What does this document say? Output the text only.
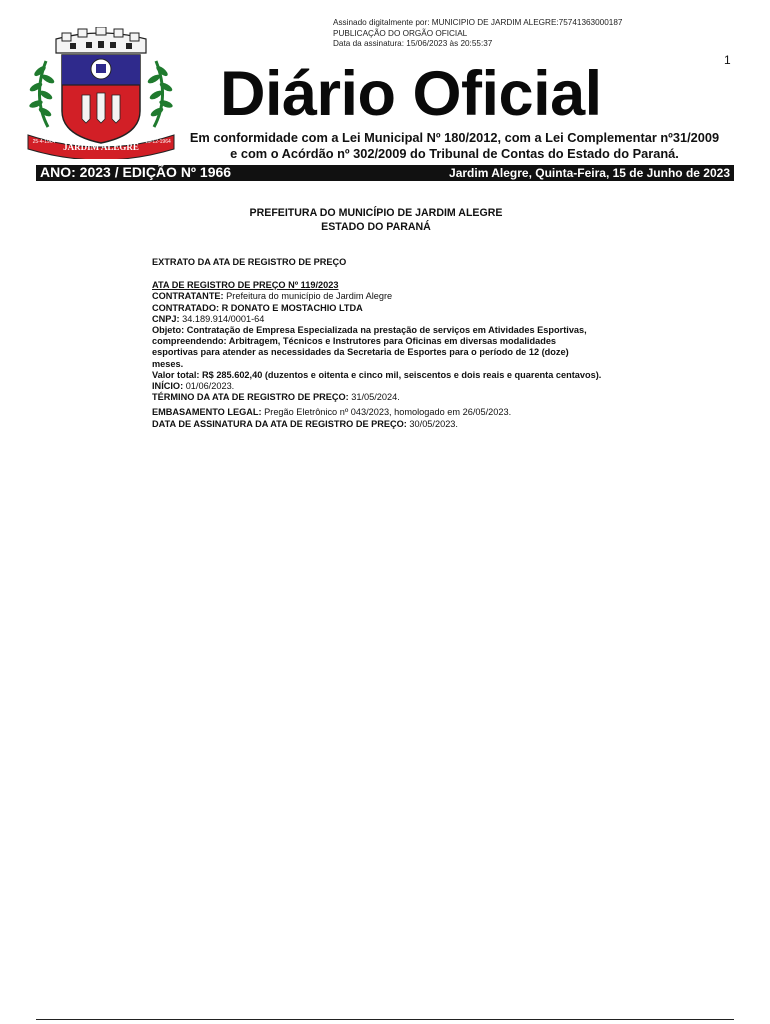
Assinado digitalmente por: MUNICIPIO DE JARDIM ALEGRE:75741363000187
PUBLICAÇÃO DO ORGÃO OFICIAL
Data da assinatura: 15/06/2023 às 20:55:37
1
JARDIM ALEGRE
25-4-1964	19-12-1964
Diário Oficial
Em conformidade com a Lei Municipal Nº 180/2012, com a Lei Complementar nº31/2009
e com o Acórdão nº 302/2009 do Tribunal de Contas do Estado do Paraná.
ANO: 2023 / EDIÇÃO Nº 1966	Jardim Alegre, Quinta-Feira, 15 de Junho de 2023
PREFEITURA DO MUNICÍPIO DE JARDIM ALEGRE
ESTADO DO PARANÁ

EXTRATO DA ATA DE REGISTRO DE PREÇO

ATA DE REGISTRO DE PREÇO Nº 119/2023

CONTRATANTE: Prefeitura do município de Jardim Alegre

CONTRATADO: R DONATO E MOSTACHIO LTDA

CNPJ: 34.189.914/0001-64

Objeto: Contratação de Empresa Especializada na prestação de serviços em Atividades Esportivas, compreendendo: Arbitragem, Técnicos e Instrutores para Oficinas em diversas modalidades esportivas para atender as necessidades da Secretaria de Esportes para o período de 12 (doze) meses.

Valor total: R$ 285.602,40 (duzentos e oitenta e cinco mil, seiscentos e dois reais e quarenta centavos).

INÍCIO: 01/06/2023.

TÉRMINO DA ATA DE REGISTRO DE PREÇO: 31/05/2024.

EMBASAMENTO LEGAL: Pregão Eletrônico nº 043/2023, homologado em 26/05/2023.

DATA DE ASSINATURA DA ATA DE REGISTRO DE PREÇO: 30/05/2023.
